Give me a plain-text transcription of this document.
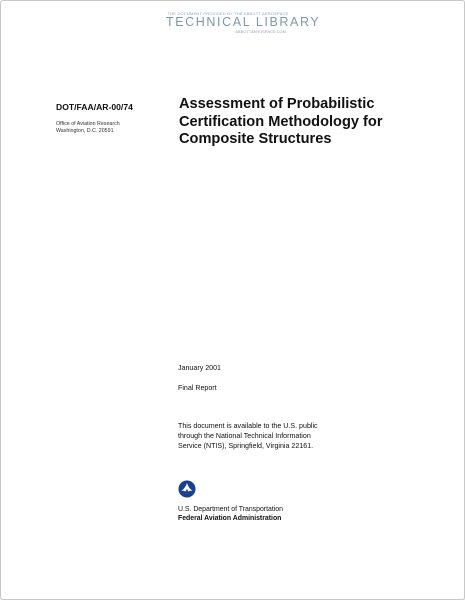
THE DOCUMENT PROVIDED BY THE ABBOTT AEROSPACE
TECHNICAL LIBRARY
ABBOTTAEROSPACE.COM
DOT/FAA/AR-00/74
Office of Aviation Research
Washington, D.C. 20591
Assessment of Probabilistic
Certification Methodology for
Composite Structures
January 2001
Final Report
This document is available to the U.S. public
through the National Technical Information
Service (NTIS), Springfield, Virginia 22161.
U.S. Department of Transportation
Federal Aviation Administration
